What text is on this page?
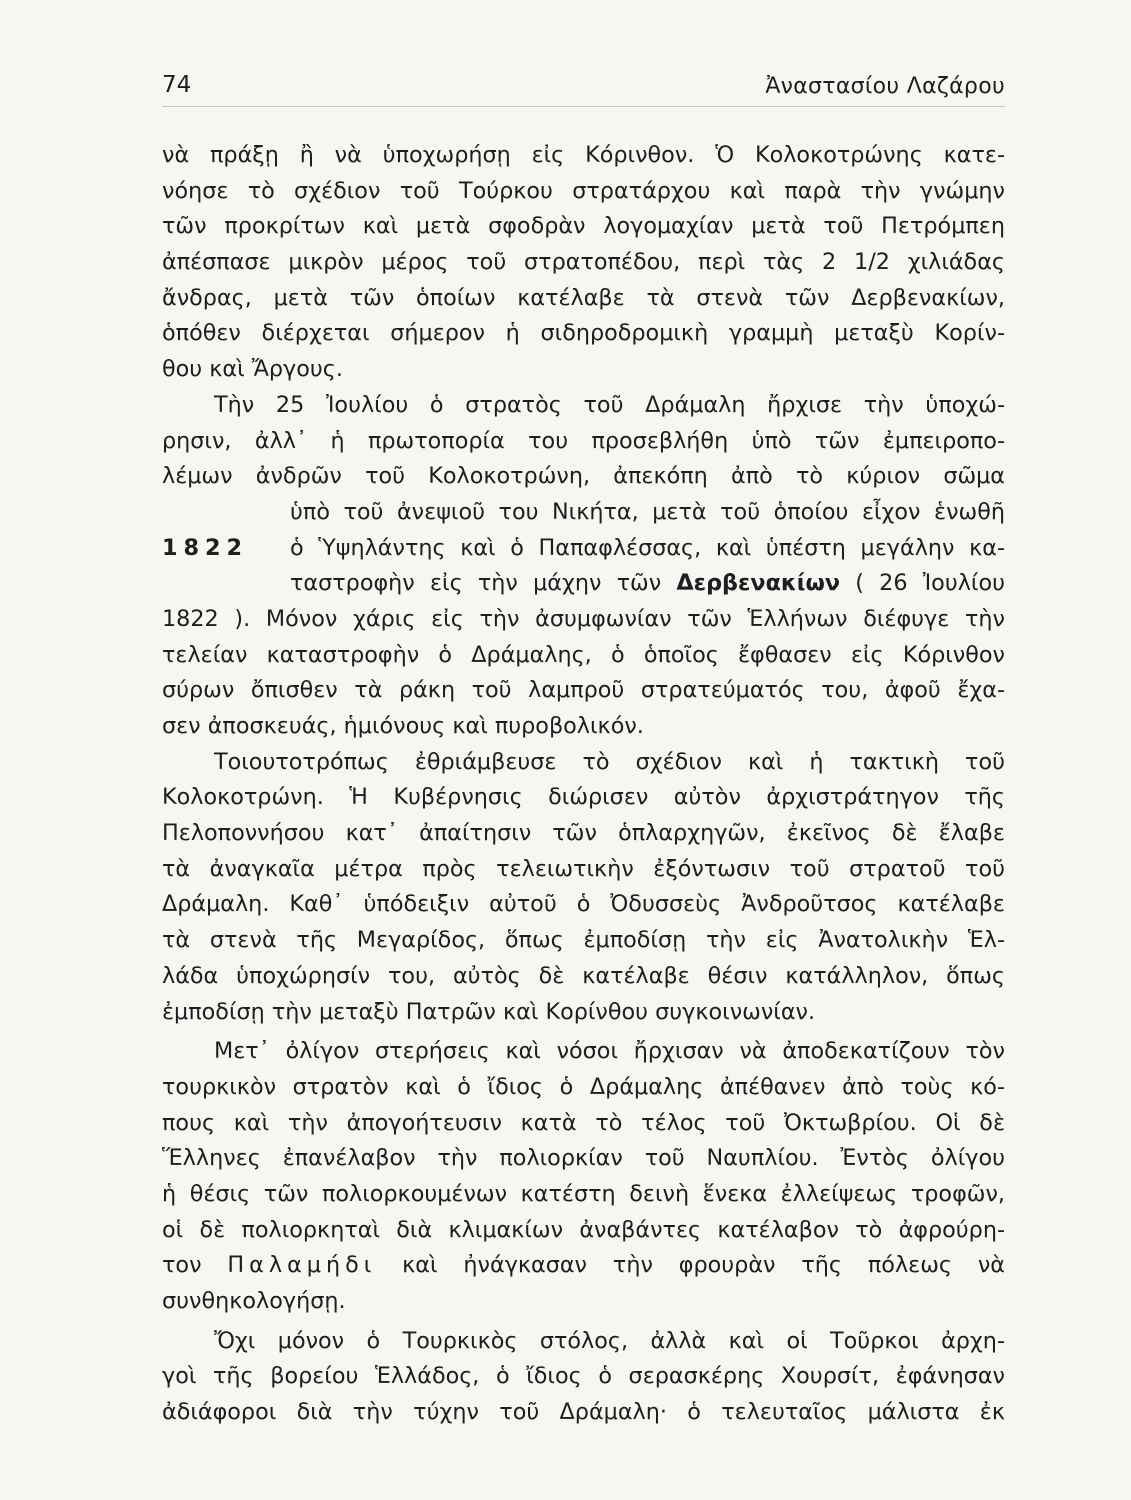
74	Ἀναστασίου Λαζάρου
νὰ πράξῃ ἢ νὰ ὑποχωρήσῃ εἰς Κόρινθον. Ὁ Κολοκοτρώνης κατε-
νόησε τὸ σχέδιον τοῦ Τούρκου στρατάρχου καὶ παρὰ τὴν γνώμην
τῶν προκρίτων καὶ μετὰ σφοδρὰν λογομαχίαν μετὰ τοῦ Πετρόμπεη
ἀπέσπασε μικρὸν μέρος τοῦ στρατοπέδου, περὶ τὰς 2 1/2 χιλιάδας
ἄνδρας, μετὰ τῶν ὁποίων κατέλαβε τὰ στενὰ τῶν Δερβενακίων,
ὁπόθεν διέρχεται σήμερον ἡ σιδηροδρομικὴ γραμμὴ μεταξὺ Κορίν-
θου καὶ Ἄργους.
Τὴν 25 Ἰουλίου ὁ στρατὸς τοῦ Δράμαλη ἤρχισε τὴν ὑποχώ-
ρησιν, ἀλλ᾽ ἡ πρωτοπορία του προσεβλήθη ὑπὸ τῶν ἐμπειροπο-
λέμων ἀνδρῶν τοῦ Κολοκοτρώνη, ἀπεκόπη ἀπὸ τὸ κύριον σῶμα
ὑπὸ τοῦ ἀνεψιοῦ του Νικήτα, μετὰ τοῦ ὁποίου εἶχον ἑνωθῆ
1822 ὁ Ὑψηλάντης καὶ ὁ Παπαφλέσσας, καὶ ὑπέστη μεγάλην κα-
ταστροφὴν εἰς τὴν μάχην τῶν Δερβενακίων ( 26 Ἰουλίου
1822 ). Μόνον χάρις εἰς τὴν ἀσυμφωνίαν τῶν Ἑλλήνων διέφυγε τὴν
τελείαν καταστροφὴν ὁ Δράμαλης, ὁ ὁποῖος ἔφθασεν εἰς Κόρινθον
σύρων ὄπισθεν τὰ ράκη τοῦ λαμπροῦ στρατεύματός του, ἀφοῦ ἔχα-
σεν ἀποσκευάς, ἡμιόνους καὶ πυροβολικόν.
Τοιουτοτρόπως ἐθριάμβευσε τὸ σχέδιον καὶ ἡ τακτικὴ τοῦ
Κολοκοτρώνη. Ἡ Κυβέρνησις διώρισεν αὐτὸν ἀρχιστράτηγον τῆς
Πελοποννήσου κατ᾽ ἀπαίτησιν τῶν ὁπλαρχηγῶν, ἐκεῖνος δὲ ἔλαβε
τὰ ἀναγκαῖα μέτρα πρὸς τελειωτικὴν ἐξόντωσιν τοῦ στρατοῦ τοῦ
Δράμαλη. Καθ᾽ ὑπόδειξιν αὐτοῦ ὁ Ὀδυσσεὺς Ἀνδροῦτσος κατέλαβε
τὰ στενὰ τῆς Μεγαρίδος, ὅπως ἐμποδίσῃ τὴν εἰς Ἀνατολικὴν Ἑλ-
λάδα ὑποχώρησίν του, αὐτὸς δὲ κατέλαβε θέσιν κατάλληλον, ὅπως
ἐμποδίσῃ τὴν μεταξὺ Πατρῶν καὶ Κορίνθου συγκοινωνίαν.
Μετ᾽ ὀλίγον στερήσεις καὶ νόσοι ἤρχισαν νὰ ἀποδεκατίζουν τὸν
τουρκικὸν στρατὸν καὶ ὁ ἴδιος ὁ Δράμαλης ἀπέθανεν ἀπὸ τοὺς κό-
πους καὶ τὴν ἀπογοήτευσιν κατὰ τὸ τέλος τοῦ Ὀκτωβρίου. Οἱ δὲ
Ἕλληνες ἐπανέλαβον τὴν πολιορκίαν τοῦ Ναυπλίου. Ἐντὸς ὀλίγου
ἡ θέσις τῶν πολιορκουμένων κατέστη δεινὴ ἕνεκα ἐλλείψεως τροφῶν,
οἱ δὲ πολιορκηταὶ διὰ κλιμακίων ἀναβάντες κατέλαβον τὸ ἀφρούρη-
τον Παλαμήδι καὶ ἠνάγκασαν τὴν φρουρὰν τῆς πόλεως νὰ
συνθηκολογήσῃ.
Ὄχι μόνον ὁ Τουρκικὸς στόλος, ἀλλὰ καὶ οἱ Τοῦρκοι ἀρχη-
γοὶ τῆς βορείου Ἑλλάδος, ὁ ἴδιος ὁ σερασκέρης Χουρσίτ, ἐφάνησαν
ἀδιάφοροι διὰ τὴν τύχην τοῦ Δράμαλη· ὁ τελευταῖος μάλιστα ἐκ
